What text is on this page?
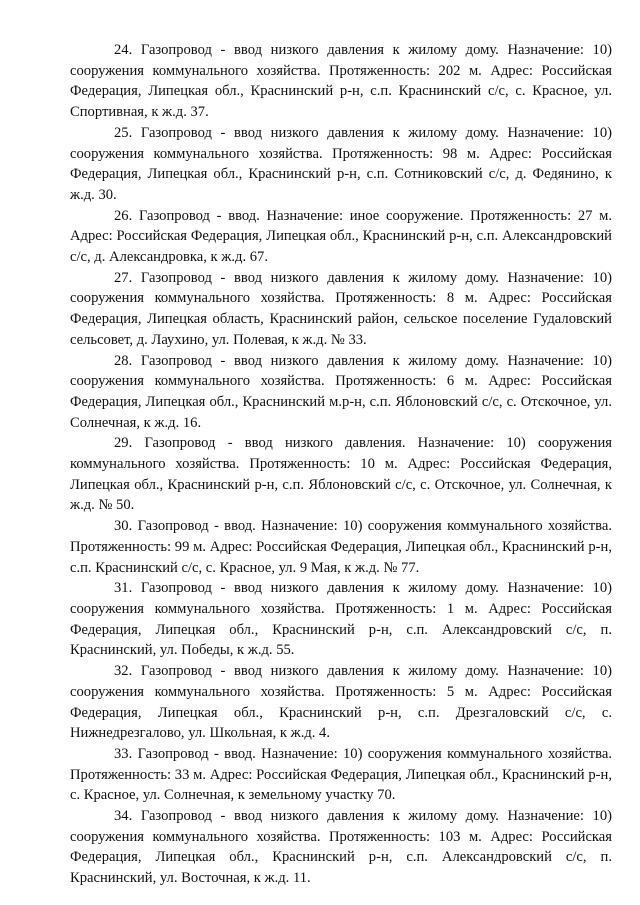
24. Газопровод - ввод низкого давления к жилому дому. Назначение: 10) сооружения коммунального хозяйства. Протяженность: 202 м. Адрес: Российская Федерация, Липецкая обл., Краснинский р-н, с.п. Краснинский с/с, с. Красное, ул. Спортивная, к ж.д. 37.

25. Газопровод - ввод низкого давления к жилому дому. Назначение: 10) сооружения коммунального хозяйства. Протяженность: 98 м. Адрес: Российская Федерация, Липецкая обл., Краснинский р-н, с.п. Сотниковский с/с, д. Федянино, к ж.д. 30.

26. Газопровод - ввод. Назначение: иное сооружение. Протяженность: 27 м. Адрес: Российская Федерация, Липецкая обл., Краснинский р-н, с.п. Александровский с/с, д. Александровка, к ж.д. 67.

27. Газопровод - ввод низкого давления к жилому дому. Назначение: 10) сооружения коммунального хозяйства. Протяженность: 8 м. Адрес: Российская Федерация, Липецкая область, Краснинский район, сельское поселение Гудаловский сельсовет, д. Лаухино, ул. Полевая, к ж.д. № 33.

28. Газопровод - ввод низкого давления к жилому дому. Назначение: 10) сооружения коммунального хозяйства. Протяженность: 6 м. Адрес: Российская Федерация, Липецкая обл., Краснинский м.р-н, с.п. Яблоновский с/с, с. Отскочное, ул. Солнечная, к ж.д. 16.

29. Газопровод - ввод низкого давления. Назначение: 10) сооружения коммунального хозяйства. Протяженность: 10 м. Адрес: Российская Федерация, Липецкая обл., Краснинский р-н, с.п. Яблоновский с/с, с. Отскочное, ул. Солнечная, к ж.д. № 50.

30. Газопровод - ввод. Назначение: 10) сооружения коммунального хозяйства. Протяженность: 99 м. Адрес: Российская Федерация, Липецкая обл., Краснинский р-н, с.п. Краснинский с/с, с. Красное, ул. 9 Мая, к ж.д. № 77.

31. Газопровод - ввод низкого давления к жилому дому. Назначение: 10) сооружения коммунального хозяйства. Протяженность: 1 м. Адрес: Российская Федерация, Липецкая обл., Краснинский р-н, с.п. Александровский с/с, п. Краснинский, ул. Победы, к ж.д. 55.

32. Газопровод - ввод низкого давления к жилому дому. Назначение: 10) сооружения коммунального хозяйства. Протяженность: 5 м. Адрес: Российская Федерация, Липецкая обл., Краснинский р-н, с.п. Дрезгаловский с/с, с. Нижнедрезгалово, ул. Школьная, к ж.д. 4.

33. Газопровод - ввод. Назначение: 10) сооружения коммунального хозяйства. Протяженность: 33 м. Адрес: Российская Федерация, Липецкая обл., Краснинский р-н, с. Красное, ул. Солнечная, к земельному участку 70.

34. Газопровод - ввод низкого давления к жилому дому. Назначение: 10) сооружения коммунального хозяйства. Протяженность: 103 м. Адрес: Российская Федерация, Липецкая обл., Краснинский р-н, с.п. Александровский с/с, п. Краснинский, ул. Восточная, к ж.д. 11.
